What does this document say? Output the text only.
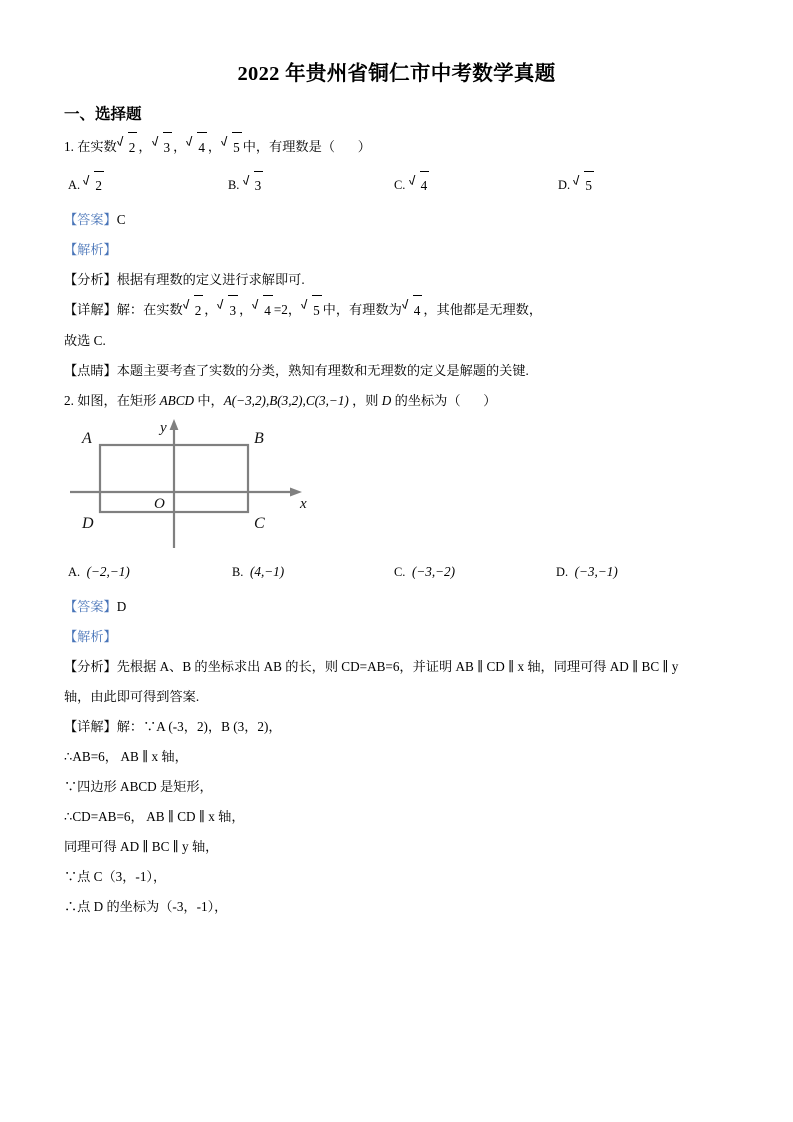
2022 年贵州省铜仁市中考数学真题
一、选择题
1. 在实数 2 ， 3 ， 4 ， 5 中，有理数是（ ）
A. 2	B. 3	C. 4	D. 5
【答案】C
【解析】
【分析】根据有理数的定义进行求解即可.
【详解】解：在实数 2 ， 3 ， 4 =2， 5 中，有理数为 4 ，其他都是无理数，
故选 C.
【点睛】本题主要考查了实数的分类，熟知有理数和无理数的定义是解题的关键.
2. 如图，在矩形 ABCD 中，A(−3,2),B(3,2),C(3,−1) ，则 D 的坐标为（ ）
A	B
C
D
O	x
y
A. (−2,−1)	B. (4,−1)	C. (−3,−2)	D. (−3,−1)
【答案】D
【解析】
【分析】先根据 A、B 的坐标求出 AB 的长，则 CD=AB=6，并证明 AB ∥ CD ∥ x 轴，同理可得 AD ∥ BC ∥ y
轴，由此即可得到答案.
【详解】解：∵A (-3，2)，B (3，2)，
∴AB=6， AB ∥ x 轴，
∵四边形 ABCD 是矩形，
∴CD=AB=6， AB ∥ CD ∥ x 轴，
同理可得 AD ∥ BC ∥ y 轴，
∵点 C（3，-1），
∴点 D 的坐标为（-3，-1），
